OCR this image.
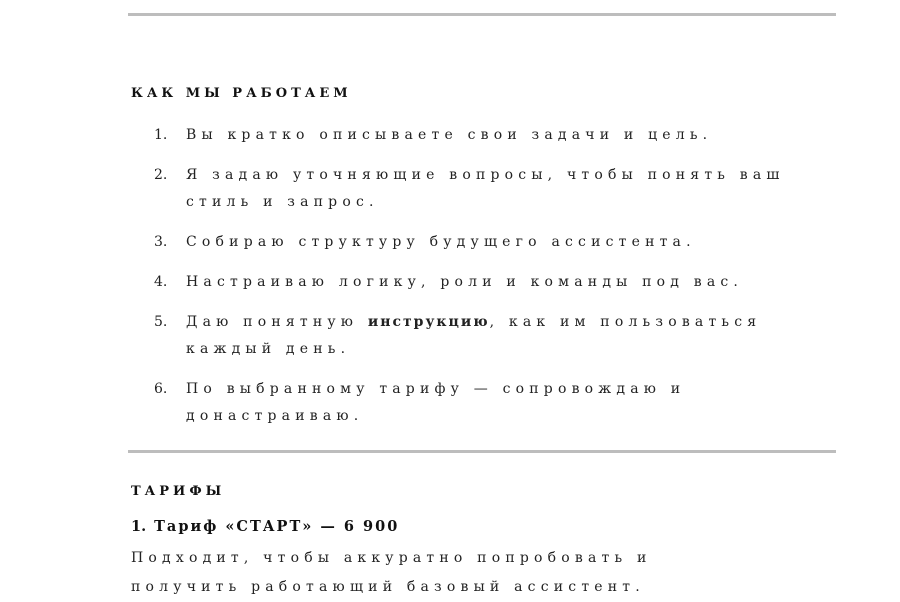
КАК МЫ РАБОТАЕМ
1.	Вы кратко описываете свои задачи и цель.
2.	Я задаю уточняющие вопросы, чтобы понять ваш стиль и запрос.
3.	Собираю структуру будущего ассистента.
4.	Настраиваю логику, роли и команды под вас.
5.	Даю понятную инструкцию, как им пользоваться каждый день.
6.	По выбранному тарифу — сопровождаю и донастраиваю.
ТАРИФЫ
1. Тариф «СТАРТ» — 6 900
Подходит, чтобы аккуратно попробовать и получить работающий базовый ассистент.
